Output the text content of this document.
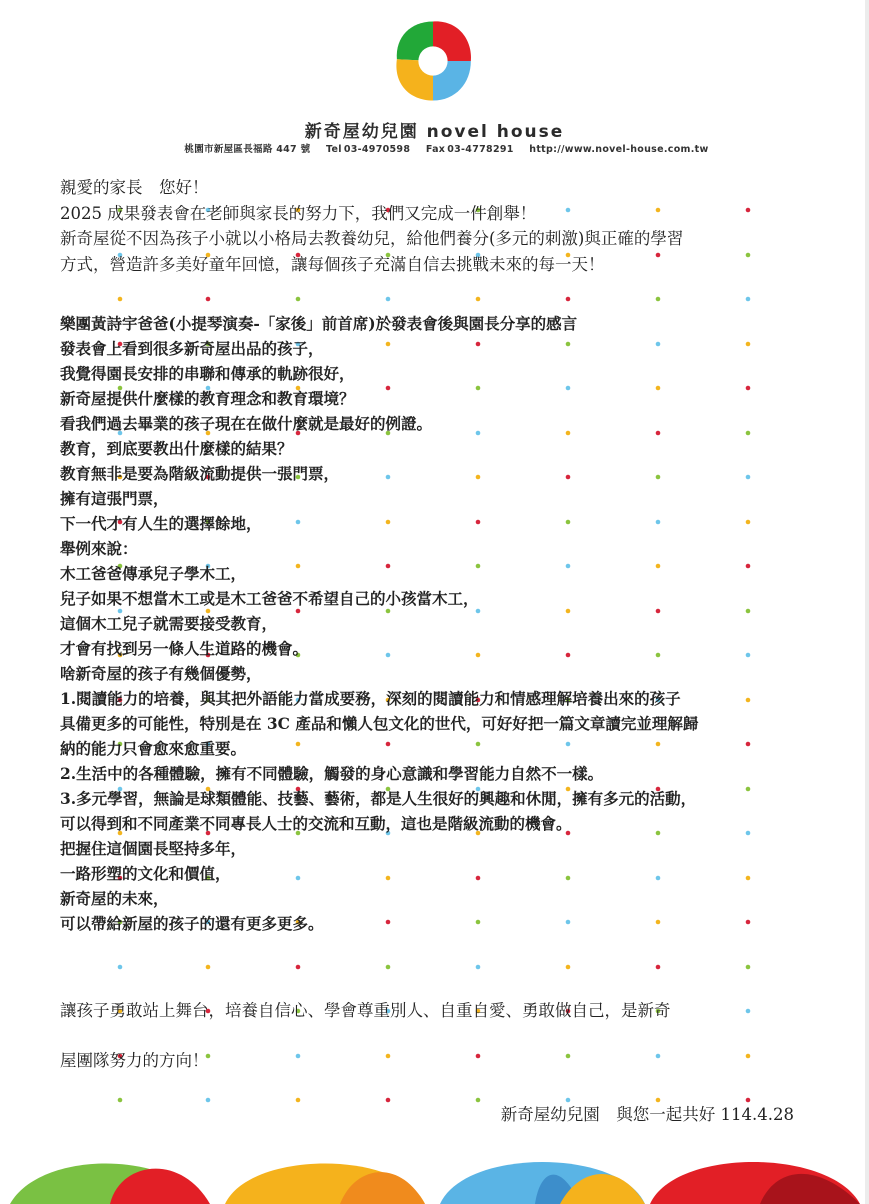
新奇屋幼兒園 novel house
桃園市新屋區長福路 447 號 Tel 03-4970598 Fax 03-4778291 http://www.novel-house.com.tw

親愛的家長　您好！

2025 成果發表會在老師與家長的努力下，我們又完成一件創舉！

新奇屋從不因為孩子小就以小格局去教養幼兒，給他們養分(多元的刺激)與正確的學習

方式，營造許多美好童年回憶，讓每個孩子充滿自信去挑戰未來的每一天！

樂團黃詩宇爸爸(小提琴演奏-「家後」前首席)於發表會後與園長分享的感言

發表會上看到很多新奇屋出品的孩子，

我覺得園長安排的串聯和傳承的軌跡很好，

新奇屋提供什麼樣的教育理念和教育環境？

看我們過去畢業的孩子現在在做什麼就是最好的例證。

教育，到底要教出什麼樣的結果？

教育無非是要為階級流動提供一張門票，

擁有這張門票，

下一代才有人生的選擇餘地，

舉例來說：

木工爸爸傳承兒子學木工，

兒子如果不想當木工或是木工爸爸不希望自己的小孩當木工，

這個木工兒子就需要接受教育，

才會有找到另一條人生道路的機會。

啥新奇屋的孩子有幾個優勢，

1.閱讀能力的培養，與其把外語能力當成要務，深刻的閱讀能力和情感理解培養出來的孩子

具備更多的可能性，特別是在 3C 產品和懶人包文化的世代，可好好把一篇文章讀完並理解歸

納的能力只會愈來愈重要。

2.生活中的各種體驗，擁有不同體驗，觸發的身心意識和學習能力自然不一樣。

3.多元學習，無論是球類體能、技藝、藝術，都是人生很好的興趣和休閒，擁有多元的活動，

可以得到和不同產業不同專長人士的交流和互動，這也是階級流動的機會。

把握住這個園長堅持多年，

一路形塑的文化和價值，

新奇屋的未來，

可以帶給新屋的孩子的還有更多更多。

讓孩子勇敢站上舞台，培養自信心、學會尊重別人、自重自愛、勇敢做自己，是新奇

屋團隊努力的方向！

新奇屋幼兒園　與您一起共好 114.4.28
